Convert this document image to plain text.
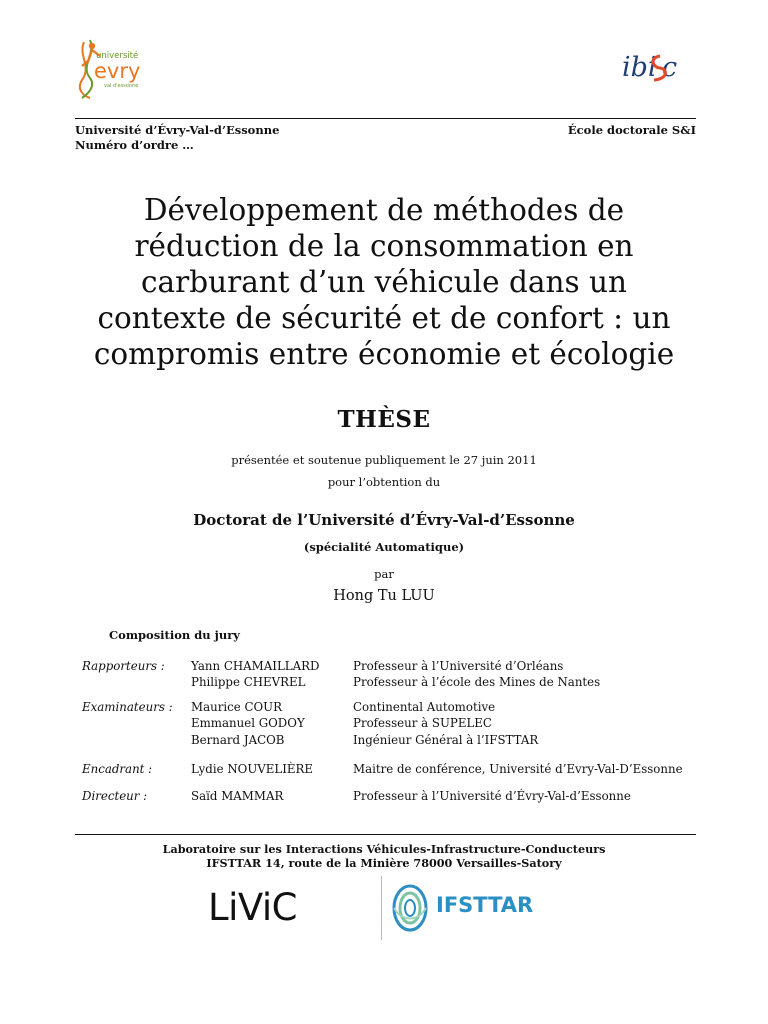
université
evry
val d'essonne
ibi c
Université d’Évry-Val-d’Essonne
Numéro d’ordre …
École doctorale S&I
Développement de méthodes de
réduction de la consommation en
carburant d’un véhicule dans un
contexte de sécurité et de confort : un
compromis entre économie et écologie
THÈSE
présentée et soutenue publiquement le 27 juin 2011
pour l’obtention du
Doctorat de l’Université d’Évry-Val-d’Essonne
(spécialité Automatique)
par
Hong Tu LUU
Composition du jury
Rapporteurs : Yann CHAMAILLARD	Professeur à l’Université d’Orléans
Philippe CHEVREL	Professeur à l’école des Mines de Nantes
Examinateurs : Maurice COUR	Continental Automotive
Emmanuel GODOY	Professeur à SUPELEC
Bernard JACOB	Ingénieur Général à l’IFSTTAR
Encadrant :	Lydie NOUVELIÈRE	Maitre de conférence, Université d’Evry-Val-D’Essonne
Directeur :	Saïd MAMMAR	Professeur à l’Université d’Évry-Val-d’Essonne
Laboratoire sur les Interactions Véhicules-Infrastructure-Conducteurs
IFSTTAR 14, route de la Minière 78000 Versailles-Satory
LiViC	IFSTTAR
